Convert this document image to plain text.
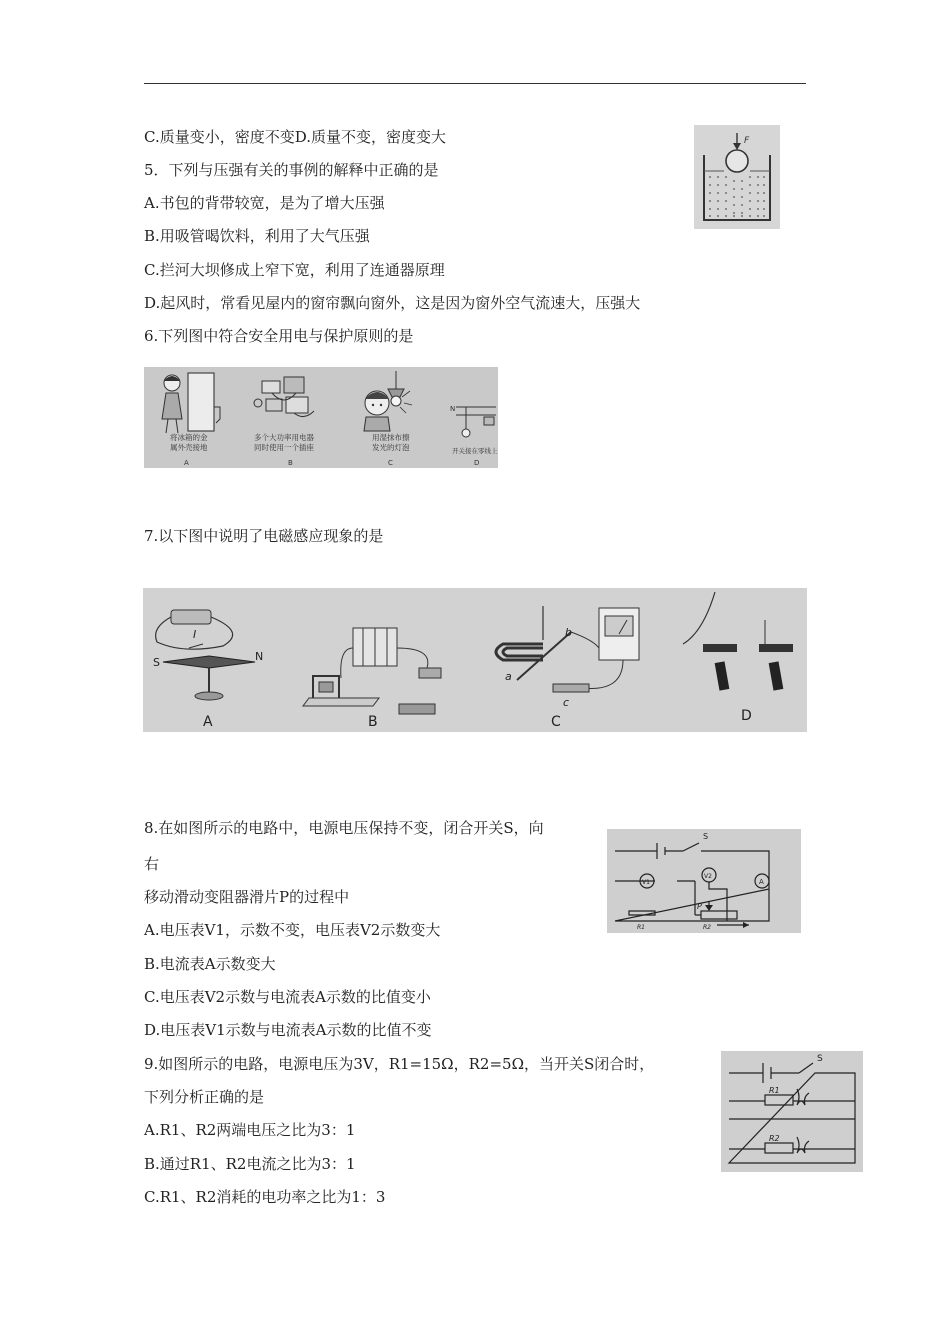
C.质量变小，密度不变D.质量不变，密度变大
5．下列与压强有关的事例的解释中正确的是
A.书包的背带较宽，是为了增大压强
B.用吸管喝饮料，利用了大气压强
C.拦河大坝修成上窄下宽，利用了连通器原理
D.起风时，常看见屋内的窗帘飘向窗外，这是因为窗外空气流速大，压强大
6.下列图中符合安全用电与保护原则的是
7.以下图中说明了电磁感应现象的是
8.在如图所示的电路中，电源电压保持不变，闭合开关S，向
右
移动滑动变阻器滑片P的过程中
A.电压表V1，示数不变，电压表V2示数变大
B.电流表A示数变大
C.电压表V2示数与电流表A示数的比值变小
D.电压表V1示数与电流表A示数的比值不变
9.如图所示的电路，电源电压为3V，R1=15Ω，R2=5Ω，当开关S闭合时，
下列分析正确的是
A.R1、R2两端电压之比为3：1
B.通过R1、R2电流之比为3：1
C.R1、R2消耗的电功率之比为1：3
F
将冰箱的金
属外壳接地
A
多个大功率用电器
同时使用一个插座
B
用湿抹布擦
发光的灯泡
C
N
开关接在零线上
D
I
S	N
A	B
b
a
c
C	D
S
V1
V2
A
P
R1	R2
S
R1
R2
